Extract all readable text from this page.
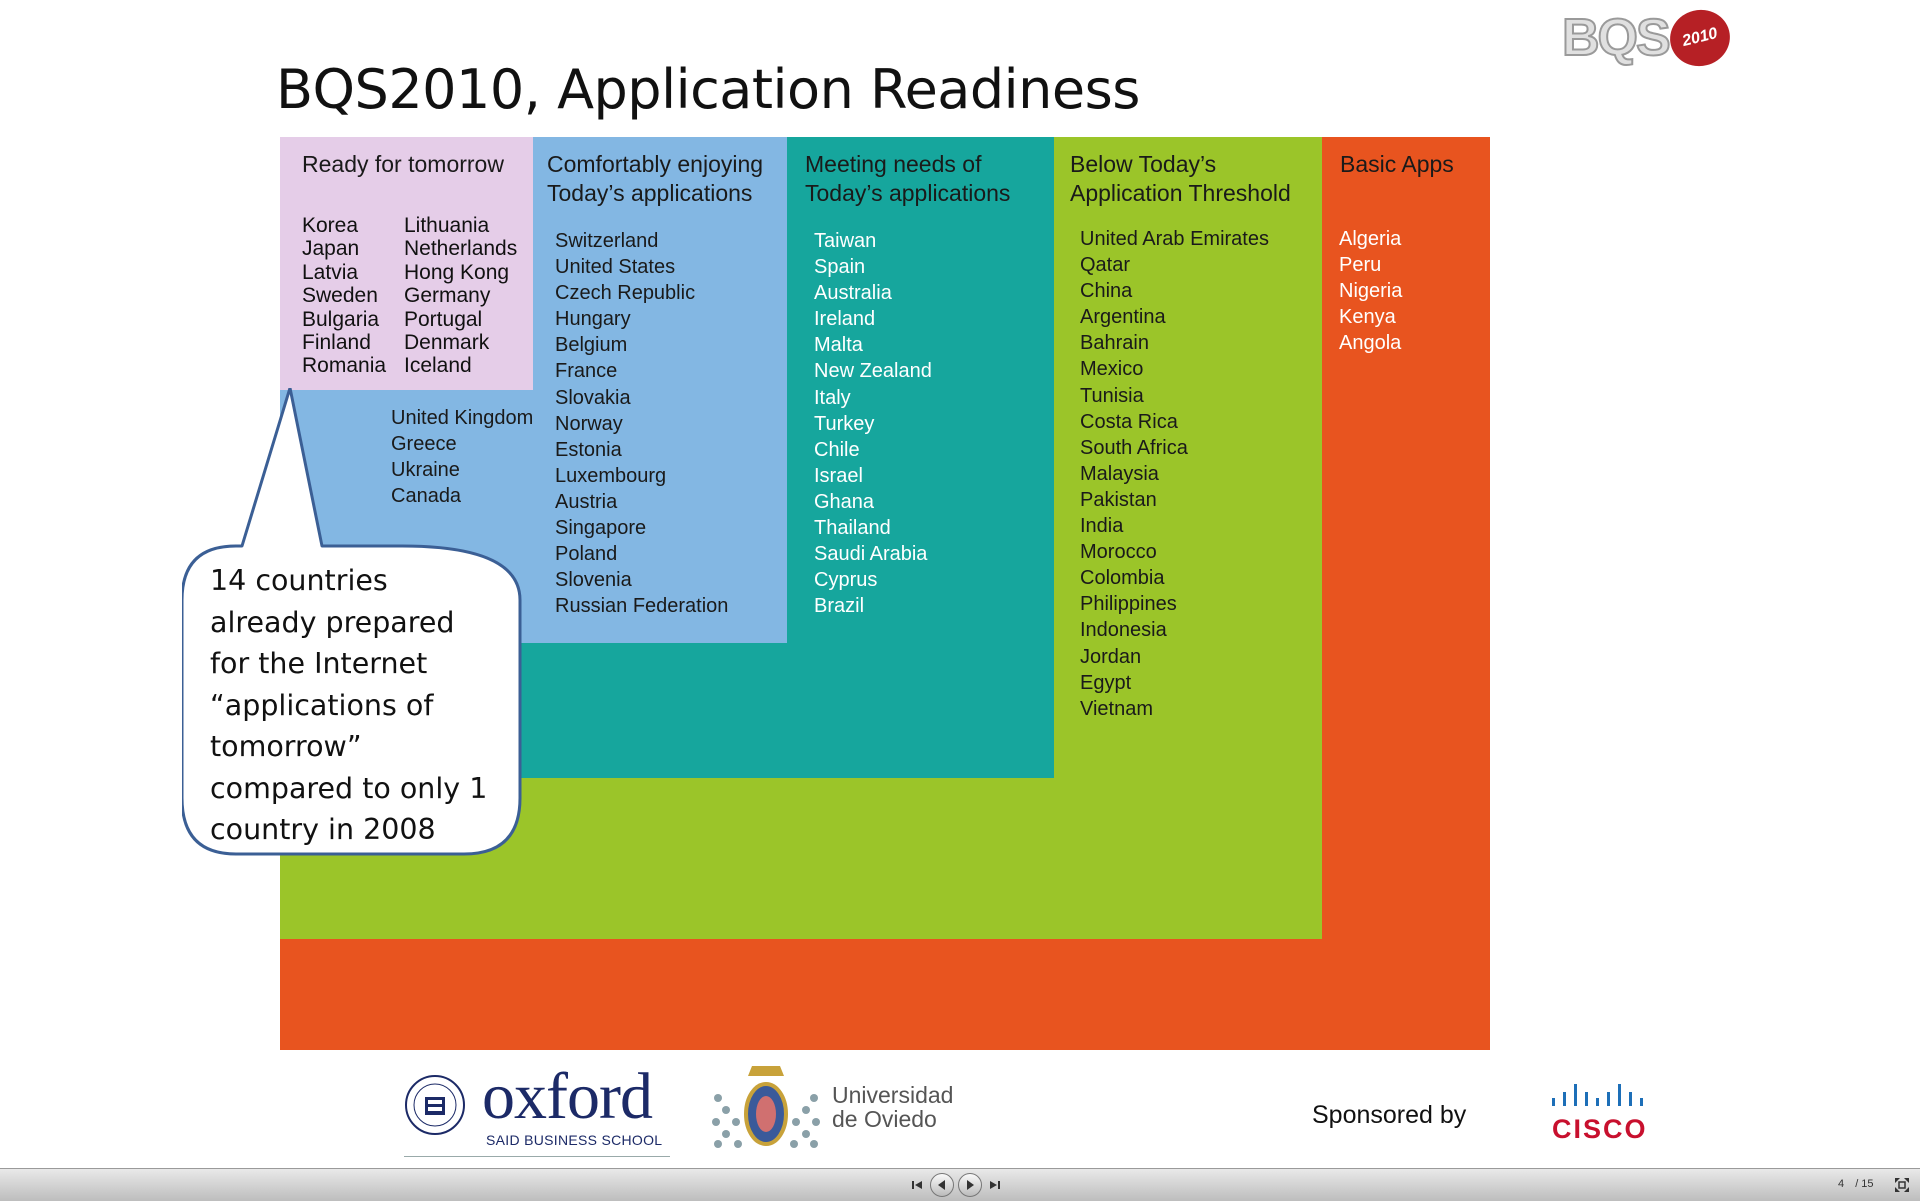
BQS2010, Application Readiness
BQS 2010
Ready for tomorrow Comfortably enjoying
Today’s applications
Meeting needs of
Today’s applications
Below Today’s
Application Threshold
Basic Apps
Korea
Japan
Latvia
Sweden
Bulgaria
Finland
Romania
Lithuania
Netherlands
Hong Kong
Germany
Portugal
Denmark
Iceland
United Kingdom
Greece
Ukraine
Canada
Switzerland
United States
Czech Republic
Hungary
Belgium
France
Slovakia
Norway
Estonia
Luxembourg
Austria
Singapore
Poland
Slovenia
Russian Federation
Taiwan
Spain
Australia
Ireland
Malta
New Zealand
Italy
Turkey
Chile
Israel
Ghana
Thailand
Saudi Arabia
Cyprus
Brazil
United Arab Emirates
Qatar
China
Argentina
Bahrain
Mexico
Tunisia
Costa Rica
South Africa
Malaysia
Pakistan
India
Morocco
Colombia
Philippines
Indonesia
Jordan
Egypt
Vietnam
Algeria
Peru
Nigeria
Kenya
Angola
14 countries
already prepared
for the Internet
“applications of
tomorrow”
compared to only 1
country in 2008
oxford
SAID BUSINESS SCHOOL
Universidad
de Oviedo	Sponsored by	CISCO
4 / 15
